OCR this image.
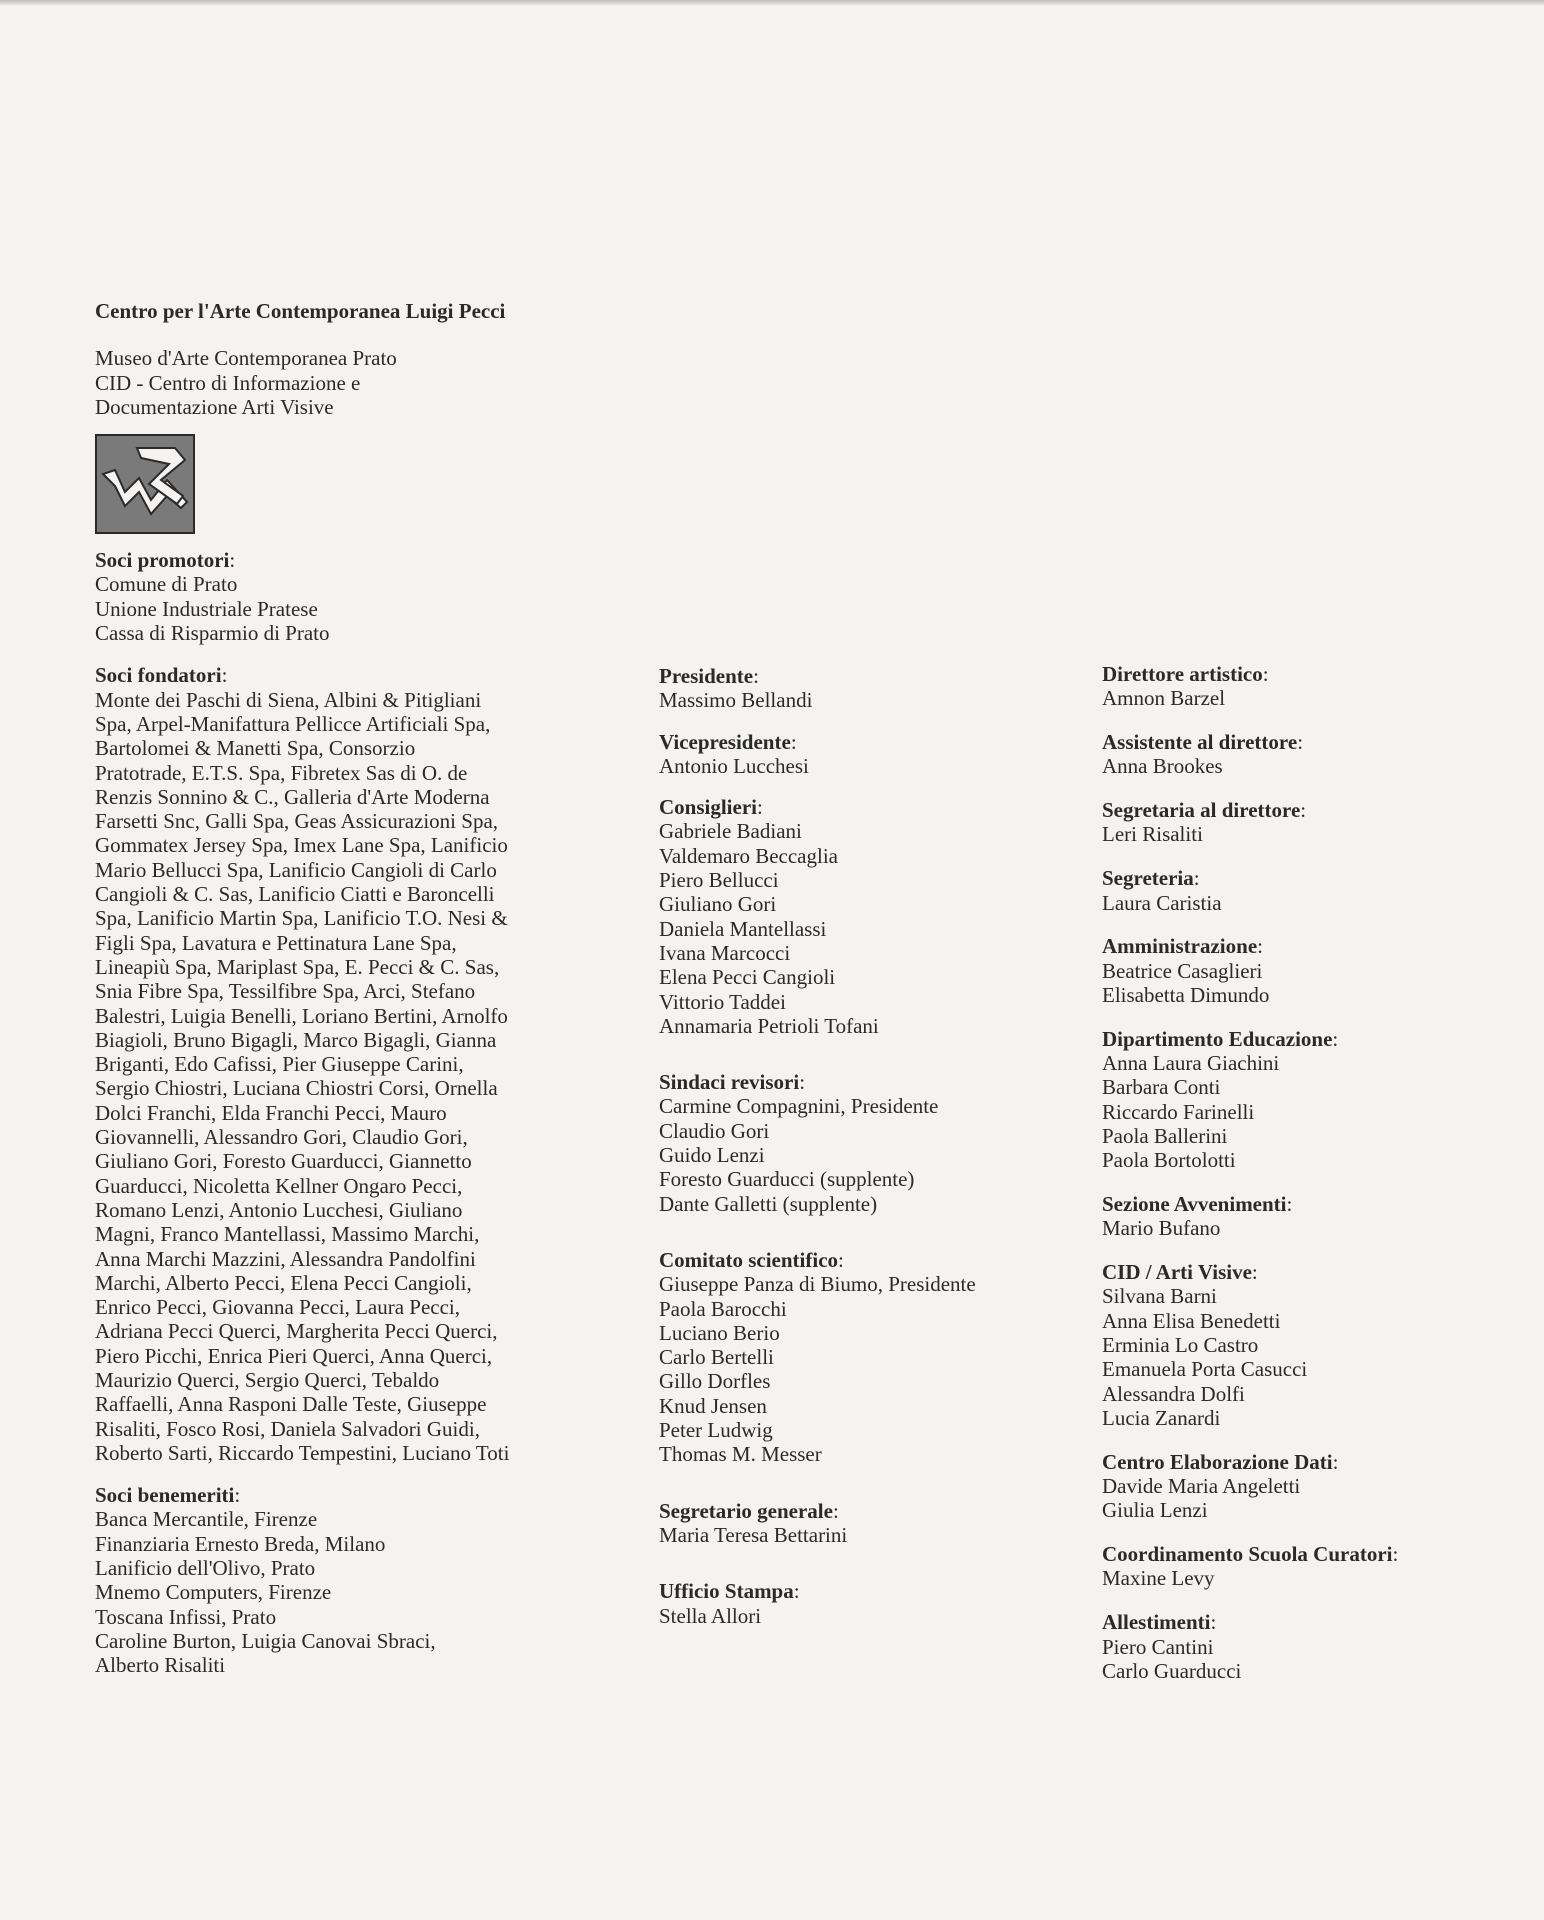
Centro per l'Arte Contemporanea Luigi Pecci
Museo d'Arte Contemporanea Prato
CID - Centro di Informazione e
Documentazione Arti Visive
Soci promotori:
Comune di Prato
Unione Industriale Pratese
Cassa di Risparmio di Prato
Soci fondatori:
Monte dei Paschi di Siena, Albini & Pitigliani
Spa, Arpel-Manifattura Pellicce Artificiali Spa,
Bartolomei & Manetti Spa, Consorzio
Pratotrade, E.T.S. Spa, Fibretex Sas di O. de
Renzis Sonnino & C., Galleria d'Arte Moderna
Farsetti Snc, Galli Spa, Geas Assicurazioni Spa,
Gommatex Jersey Spa, Imex Lane Spa, Lanificio
Mario Bellucci Spa, Lanificio Cangioli di Carlo
Cangioli & C. Sas, Lanificio Ciatti e Baroncelli
Spa, Lanificio Martin Spa, Lanificio T.O. Nesi &
Figli Spa, Lavatura e Pettinatura Lane Spa,
Lineapiù Spa, Mariplast Spa, E. Pecci & C. Sas,
Snia Fibre Spa, Tessilfibre Spa, Arci, Stefano
Balestri, Luigia Benelli, Loriano Bertini, Arnolfo
Biagioli, Bruno Bigagli, Marco Bigagli, Gianna
Briganti, Edo Cafissi, Pier Giuseppe Carini,
Sergio Chiostri, Luciana Chiostri Corsi, Ornella
Dolci Franchi, Elda Franchi Pecci, Mauro
Giovannelli, Alessandro Gori, Claudio Gori,
Giuliano Gori, Foresto Guarducci, Giannetto
Guarducci, Nicoletta Kellner Ongaro Pecci,
Romano Lenzi, Antonio Lucchesi, Giuliano
Magni, Franco Mantellassi, Massimo Marchi,
Anna Marchi Mazzini, Alessandra Pandolfini
Marchi, Alberto Pecci, Elena Pecci Cangioli,
Enrico Pecci, Giovanna Pecci, Laura Pecci,
Adriana Pecci Querci, Margherita Pecci Querci,
Piero Picchi, Enrica Pieri Querci, Anna Querci,
Maurizio Querci, Sergio Querci, Tebaldo
Raffaelli, Anna Rasponi Dalle Teste, Giuseppe
Risaliti, Fosco Rosi, Daniela Salvadori Guidi,
Roberto Sarti, Riccardo Tempestini, Luciano Toti
Soci benemeriti:
Banca Mercantile, Firenze
Finanziaria Ernesto Breda, Milano
Lanificio dell'Olivo, Prato
Mnemo Computers, Firenze
Toscana Infissi, Prato
Caroline Burton, Luigia Canovai Sbraci,
Alberto Risaliti
Presidente:
Massimo Bellandi
Vicepresidente:
Antonio Lucchesi
Consiglieri:
Gabriele Badiani
Valdemaro Beccaglia
Piero Bellucci
Giuliano Gori
Daniela Mantellassi
Ivana Marcocci
Elena Pecci Cangioli
Vittorio Taddei
Annamaria Petrioli Tofani
Sindaci revisori:
Carmine Compagnini, Presidente
Claudio Gori
Guido Lenzi
Foresto Guarducci (supplente)
Dante Galletti (supplente)
Comitato scientifico:
Giuseppe Panza di Biumo, Presidente
Paola Barocchi
Luciano Berio
Carlo Bertelli
Gillo Dorfles
Knud Jensen
Peter Ludwig
Thomas M. Messer
Segretario generale:
Maria Teresa Bettarini
Ufficio Stampa:
Stella Allori
Direttore artistico:
Amnon Barzel
Assistente al direttore:
Anna Brookes
Segretaria al direttore:
Leri Risaliti
Segreteria:
Laura Caristia
Amministrazione:
Beatrice Casaglieri
Elisabetta Dimundo
Dipartimento Educazione:
Anna Laura Giachini
Barbara Conti
Riccardo Farinelli
Paola Ballerini
Paola Bortolotti
Sezione Avvenimenti:
Mario Bufano
CID / Arti Visive:
Silvana Barni
Anna Elisa Benedetti
Erminia Lo Castro
Emanuela Porta Casucci
Alessandra Dolfi
Lucia Zanardi
Centro Elaborazione Dati:
Davide Maria Angeletti
Giulia Lenzi
Coordinamento Scuola Curatori:
Maxine Levy
Allestimenti:
Piero Cantini
Carlo Guarducci
